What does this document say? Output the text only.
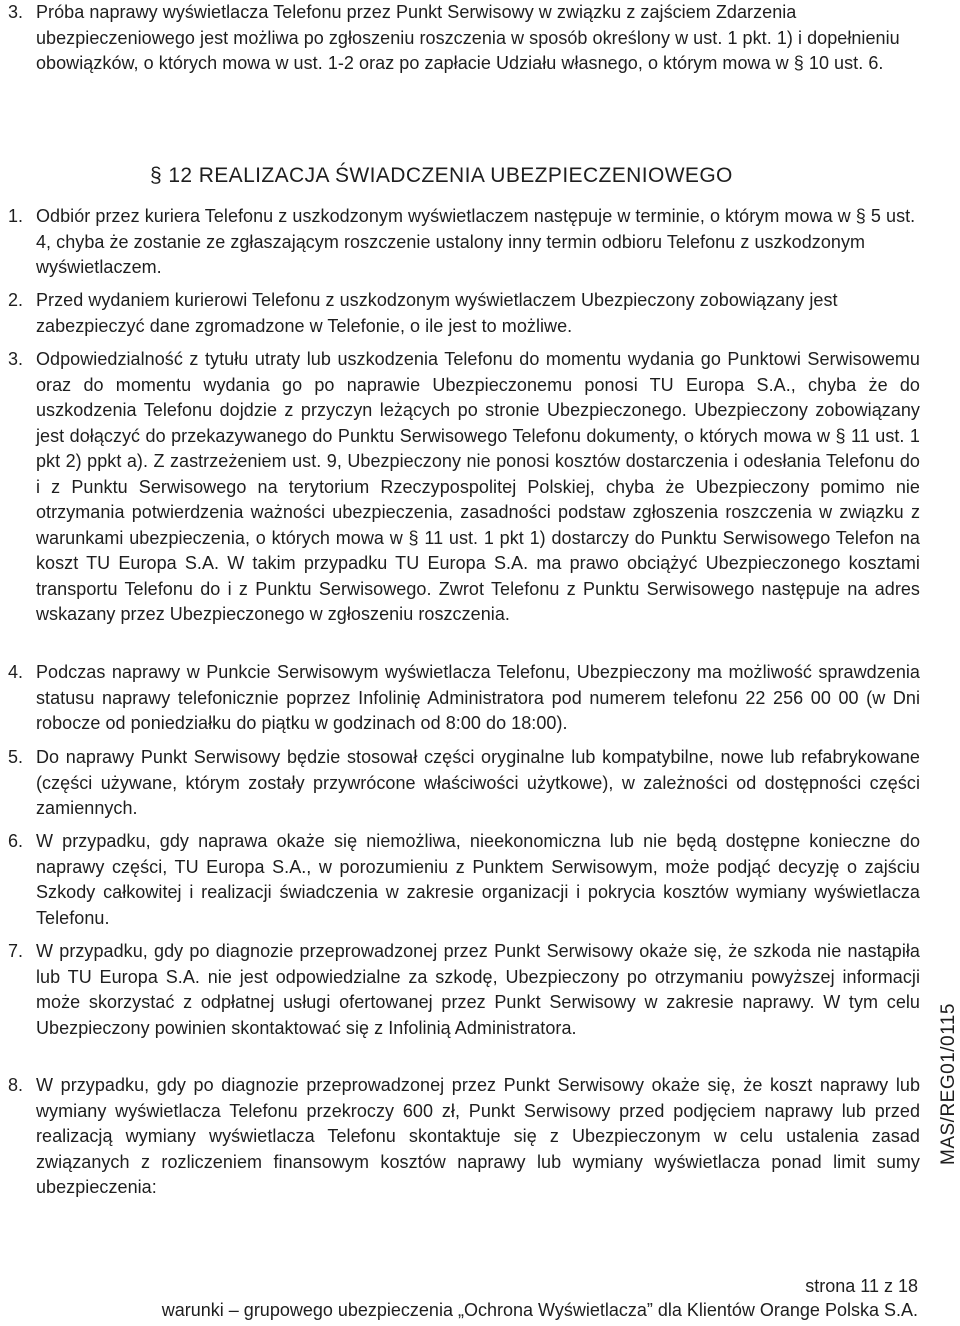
3. Próba naprawy wyświetlacza Telefonu przez Punkt Serwisowy w związku z zajściem Zdarzenia ubezpieczeniowego jest możliwa po zgłoszeniu roszczenia w sposób określony w ust. 1 pkt. 1) i dopełnieniu obowiązków, o których mowa w ust. 1-2 oraz po zapłacie Udziału własnego, o którym mowa w § 10 ust. 6.

§ 12 REALIZACJA ŚWIADCZENIA UBEZPIECZENIOWEGO
1. Odbiór przez kuriera Telefonu z uszkodzonym wyświetlaczem następuje w terminie, o którym mowa w § 5 ust. 4, chyba że zostanie ze zgłaszającym roszczenie ustalony inny termin odbioru Telefonu z uszkodzonym wyświetlaczem.

2. Przed wydaniem kurierowi Telefonu z uszkodzonym wyświetlaczem Ubezpieczony zobowiązany jest zabezpieczyć dane zgromadzone w Telefonie, o ile jest to możliwe.

3. Odpowiedzialność z tytułu utraty lub uszkodzenia Telefonu do momentu wydania go Punktowi Serwisowemu oraz do momentu wydania go po naprawie Ubezpieczonemu ponosi TU Europa S.A., chyba że do uszkodzenia Telefonu dojdzie z przyczyn leżących po stronie Ubezpieczonego. Ubezpieczony zobowiązany jest dołączyć do przekazywanego do Punktu Serwisowego Telefonu dokumenty, o których mowa w § 11 ust. 1 pkt 2) ppkt a). Z zastrzeżeniem ust. 9, Ubezpieczony nie ponosi kosztów dostarczenia i odesłania Telefonu do i z Punktu Serwisowego na terytorium Rzeczypospolitej Polskiej, chyba że Ubezpieczony pomimo nie otrzymania potwierdzenia ważności ubezpieczenia, zasadności podstaw zgłoszenia roszczenia w związku z warunkami ubezpieczenia, o których mowa w § 11 ust. 1 pkt 1) dostarczy do Punktu Serwisowego Telefon na koszt TU Europa S.A. W takim przypadku TU Europa S.A. ma prawo obciążyć Ubezpieczonego kosztami transportu Telefonu do i z Punktu Serwisowego. Zwrot Telefonu z Punktu Serwisowego następuje na adres wskazany przez Ubezpieczonego w zgłoszeniu roszczenia.

4. Podczas naprawy w Punkcie Serwisowym wyświetlacza Telefonu, Ubezpieczony ma możliwość sprawdzenia statusu naprawy telefonicznie poprzez Infolinię Administratora pod numerem telefonu 22 256 00 00 (w Dni robocze od poniedziałku do piątku w godzinach od 8:00 do 18:00).

5. Do naprawy Punkt Serwisowy będzie stosował części oryginalne lub kompatybilne, nowe lub refabrykowane (części używane, którym zostały przywrócone właściwości użytkowe), w zależności od dostępności części zamiennych.

6. W przypadku, gdy naprawa okaże się niemożliwa, nieekonomiczna lub nie będą dostępne konieczne do naprawy części, TU Europa S.A., w porozumieniu z Punktem Serwisowym, może podjąć decyzję o zajściu Szkody całkowitej i realizacji świadczenia w zakresie organizacji i pokrycia kosztów wymiany wyświetlacza Telefonu.

7. W przypadku, gdy po diagnozie przeprowadzonej przez Punkt Serwisowy okaże się, że szkoda nie nastąpiła lub TU Europa S.A. nie jest odpowiedzialne za szkodę, Ubezpieczony po otrzymaniu powyższej informacji może skorzystać z odpłatnej usługi ofertowanej przez Punkt Serwisowy w zakresie naprawy. W tym celu Ubezpieczony powinien skontaktować się z Infolinią Administratora.

8. W przypadku, gdy po diagnozie przeprowadzonej przez Punkt Serwisowy okaże się, że koszt naprawy lub wymiany wyświetlacza Telefonu przekroczy 600 zł, Punkt Serwisowy przed podjęciem naprawy lub przed realizacją wymiany wyświetlacza Telefonu skontaktuje się z Ubezpieczonym w celu ustalenia zasad związanych z rozliczeniem finansowym kosztów naprawy lub wymiany wyświetlacza ponad limit sumy ubezpieczenia:

MAS/REG01/0115
strona 11 z 18
warunki – grupowego ubezpieczenia „Ochrona Wyświetlacza” dla Klientów Orange Polska S.A.
